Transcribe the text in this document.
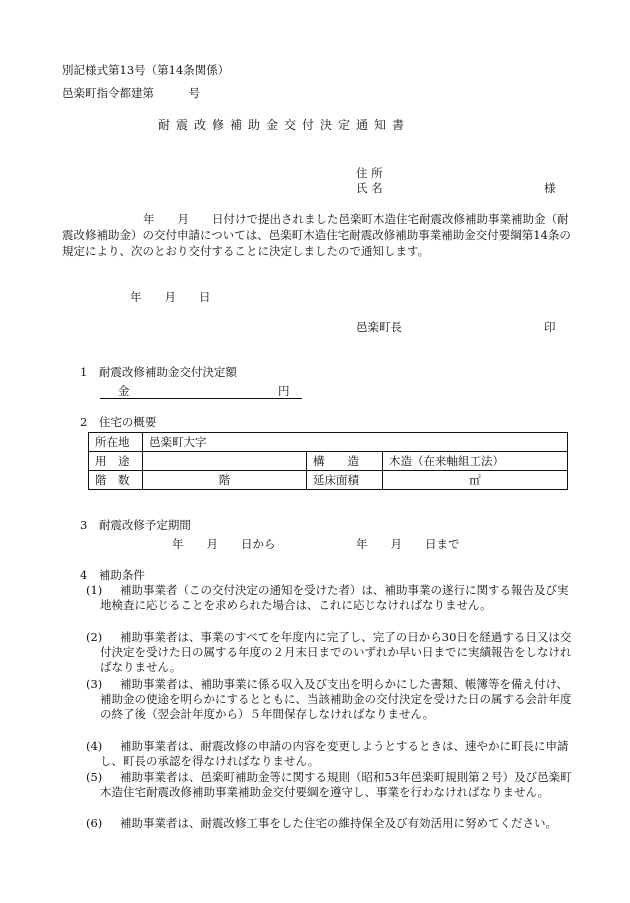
別記様式第13号（第14条関係）
邑楽町指令都建第　　　号
耐震改修補助金交付決定通知書
住 所
氏 名	様
　　年　　月　　日付けで提出されました邑楽町木造住宅耐震改修補助事業補助金（耐震改修補助金）の交付申請については、邑楽町木造住宅耐震改修補助事業補助金交付要綱第14条の規定により、次のとおり交付することに決定しましたので通知します。
年　　月　　日
邑楽町長	印
1　耐震改修補助金交付決定額
金	円
2　住宅の概要
所在地	邑楽町大字		
用　途		構　　造	木造（在来軸組工法）
階　数	階	延床面積	㎡
3　耐震改修予定期間
年　　月　　日から	年　　月　　日まで
4　補助条件
(1)	補助事業者（この交付決定の通知を受けた者）は、補助事業の遂行に関する報告及び実地検査に応じることを求められた場合は、これに応じなければなりません。
(2)	補助事業者は、事業のすべてを年度内に完了し、完了の日から30日を経過する日又は交付決定を受けた日の属する年度の２月末日までのいずれか早い日までに実績報告をしなければなりません。
(3)	補助事業者は、補助事業に係る収入及び支出を明らかにした書類、帳簿等を備え付け、補助金の使途を明らかにするとともに、当該補助金の交付決定を受けた日の属する会計年度の終了後（翌会計年度から）５年間保存しなければなりません。
(4)	補助事業者は、耐震改修の申請の内容を変更しようとするときは、速やかに町長に申請し、町長の承認を得なければなりません。
(5)	補助事業者は、邑楽町補助金等に関する規則（昭和53年邑楽町規則第２号）及び邑楽町木造住宅耐震改修補助事業補助金交付要綱を遵守し、事業を行わなければなりません。
(6)	補助事業者は、耐震改修工事をした住宅の維持保全及び有効活用に努めてください。
